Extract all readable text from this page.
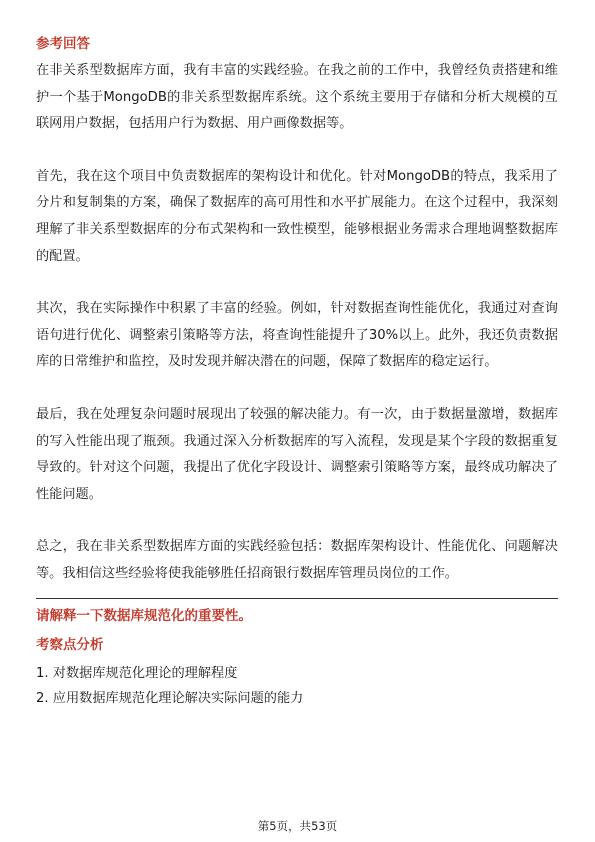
参考回答

在非关系型数据库方面，我有丰富的实践经验。在我之前的工作中，我曾经负责搭建和维护一个基于MongoDB的非关系型数据库系统。这个系统主要用于存储和分析大规模的互联网用户数据，包括用户行为数据、用户画像数据等。

首先，我在这个项目中负责数据库的架构设计和优化。针对MongoDB的特点，我采用了分片和复制集的方案，确保了数据库的高可用性和水平扩展能力。在这个过程中，我深刻理解了非关系型数据库的分布式架构和一致性模型，能够根据业务需求合理地调整数据库的配置。

其次，我在实际操作中积累了丰富的经验。例如，针对数据查询性能优化，我通过对查询语句进行优化、调整索引策略等方法，将查询性能提升了30%以上。此外，我还负责数据库的日常维护和监控，及时发现并解决潜在的问题，保障了数据库的稳定运行。

最后，我在处理复杂问题时展现出了较强的解决能力。有一次，由于数据量激增，数据库的写入性能出现了瓶颈。我通过深入分析数据库的写入流程，发现是某个字段的数据重复导致的。针对这个问题，我提出了优化字段设计、调整索引策略等方案，最终成功解决了性能问题。

总之，我在非关系型数据库方面的实践经验包括：数据库架构设计、性能优化、问题解决等。我相信这些经验将使我能够胜任招商银行数据库管理员岗位的工作。

请解释一下数据库规范化的重要性。
考察点分析

1. 对数据库规范化理论的理解程度

2. 应用数据库规范化理论解决实际问题的能力

第5页，共53页
